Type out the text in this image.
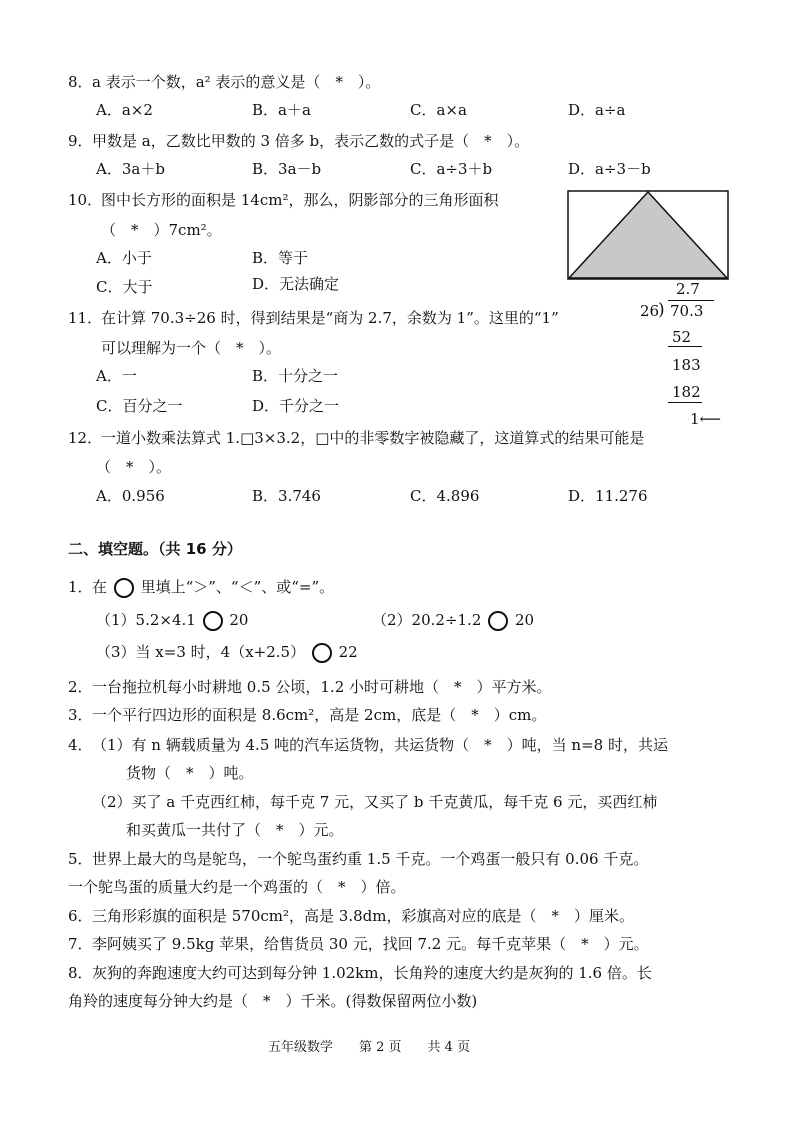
8． a 表示一个数，a² 表示的意义是（　*　）。
A．a×2	B．a＋a	C．a×a	D．a÷a
9． 甲数是 a，乙数比甲数的 3 倍多 b，表示乙数的式子是（　*　）。
A．3a＋b	B．3a－b	C．a÷3＋b	D．a÷3－b
10．
图中长方形的面积是 14cm²，那么，阴影部分的三角形面积
（　*　）7cm²。
A．小于	B．等于
C．大于	D．无法确定
11．
在计算 70.3÷26 时，得到结果是“商为 2.7，余数为 1”。这里的“1”
可以理解为一个（　*　）。
A．一	B．十分之一
C．百分之一	D．千分之一
2.7
26
) 70.3
52
183
182
1⟵
12．
一道小数乘法算式 1.□3×3.2，□中的非零数字被隐藏了，这道算式的结果可能是
（　*　）。
A．0.956	B．3.746	C．4.896	D．11.276
二、填空题。（共 16 分）
1． 在 里填上“＞”、“＜”、或“=”。
（1）5.2×4.1 20	（2）20.2÷1.2 20
（3）当 x=3 时，4（x+2.5） 22
2． 一台拖拉机每小时耕地 0.5 公顷，1.2 小时可耕地（　*　）平方米。
3． 一个平行四边形的面积是 8.6cm²，高是 2cm，底是（　*　）cm。
4． （1）有 n 辆载质量为 4.5 吨的汽车运货物，共运货物（　*　）吨，当 n=8 时，共运
货物（　*　）吨。
（2）买了 a 千克西红柿，每千克 7 元，又买了 b 千克黄瓜，每千克 6 元，买西红柿
和买黄瓜一共付了（　*　）元。
5． 世界上最大的鸟是鸵鸟，一个鸵鸟蛋约重 1.5 千克。一个鸡蛋一般只有 0.06 千克。
一个鸵鸟蛋的质量大约是一个鸡蛋的（　*　）倍。
6． 三角形彩旗的面积是 570cm²，高是 3.8dm，彩旗高对应的底是（　*　）厘米。
7． 李阿姨买了 9.5kg 苹果，给售货员 30 元，找回 7.2 元。每千克苹果（　*　）元。
8． 灰狗的奔跑速度大约可达到每分钟 1.02km，长角羚的速度大约是灰狗的 1.6 倍。长
角羚的速度每分钟大约是（　*　）千米。(得数保留两位小数)
五年级数学　　第 2 页　　共 4 页
